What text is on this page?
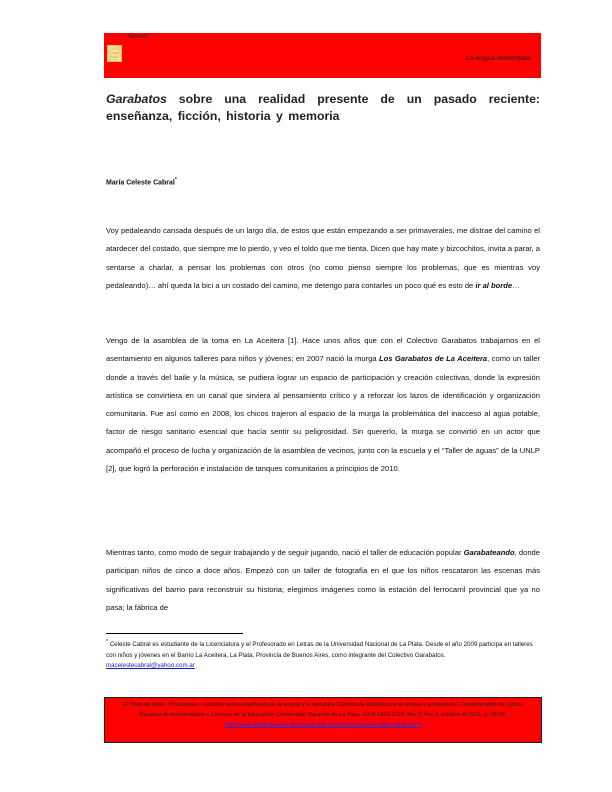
Sección
La lengua desbordada
Garabatos sobre una realidad presente de un pasado reciente: enseñanza, ficción, historia y memoria
María Celeste Cabral*

Voy pedaleando cansada después de un largo día, de estos que están empezando a ser primaverales, me distrae del camino el atardecer del costado, que siempre me lo pierdo, y veo el toldo que me tienta. Dicen que hay mate y bizcochitos, invita a parar, a sentarse a charlar, a pensar los problemas con otros (no como pienso siempre los problemas, que es mientras voy pedaleando)… ahí queda la bici a un costado del camino, me detengo para contarles un poco qué es esto de ir al borde…

Vengo de la asamblea de la toma en La Aceitera [1]. Hace unos años que con el Colectivo Garabatos trabajamos en el asentamiento en algunos talleres para niños y jóvenes; en 2007 nació la murga Los Garabatos de La Aceitera, como un taller donde a través del baile y la música, se pudiera lograr un espacio de participación y creación colectivas, donde la expresión artística se convirtiera en un canal que sirviera al pensamiento crítico y a reforzar los lazos de identificación y organización comunitaria. Fue así como en 2008, los chicos trajeron al espacio de la murga la problemática del inacceso al agua potable, factor de riesgo sanitario esencial que hacía sentir su peligrosidad. Sin quererlo, la murga se convirtió en un actor que acompañó el proceso de lucha y organización de la asamblea de vecinos, junto con la escuela y el “Taller de aguas” de la UNLP [2], que logró la perforación e instalación de tanques comunitarios a principios de 2010.

Mientras tanto, como modo de seguir trabajando y de seguir jugando, nació el taller de educación popular Garabateando, donde participan niños de cinco a doce años. Empezó con un taller de fotografía en el que los niños rescataron las escenas más significativas del barrio para reconstruir su historia; elegimos imágenes como la estación del ferrocarril provincial que ya no pasa; la fábrica de

* Celeste Cabral es estudiante de la Licenciatura y el Profesorado en Letras de la Universidad Nacional de La Plata. Desde el año 2009 participa en talleres con niños y jóvenes en el Barrio La Aceitera, La Plata, Provincia de Buenos Aires, como integrante del Colectivo Garabatos.
macelestecabral@yahoo.com.ar
El Toldo de Astier. Propuestas y estudios sobre enseñanza de la lengua y la literatura. Cátedra de Didáctica de la lengua y la literatura I. Departamento de Letras. Facultad de Humanidades y Ciencias de la Educación. Universidad Nacional de La Plata. ISSN 1853-3124. Año 2, Nro.3, octubre de 2011. p. 38-50.
http://www.eltoldodeastier.fahce.unlp.edu.ar/numeros/numero-3/ltd-cabral-nro-3
